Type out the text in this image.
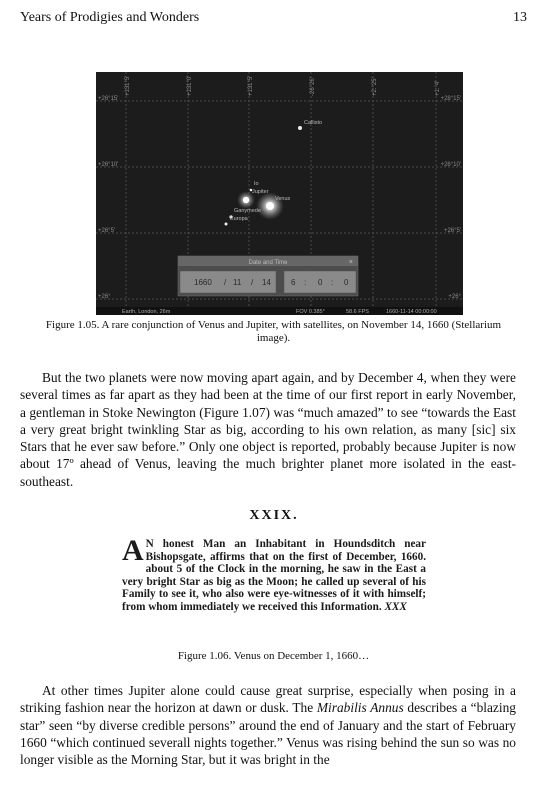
Years of Prodigies and Wonders	13
+131°5'	+131°0'	+131°5'	-26°26'	+2:°25'	+1:°4'
+26°15'
+26°10'
+26°5'
+26°
+28°15'
+26°10'
+26°5'
+26°
Callisto
Io
Jupiter
Venus
Ganymede
Europa
Date and Time	×
1660 / 11 / 14	6 : 0 : 0
Earth, London, 26m	FOV 0.385°	58.6 FPS	1660-11-14 00:00:00
Figure 1.05. A rare conjunction of Venus and Jupiter, with satellites, on November 14, 1660 (Stellarium image).

But the two planets were now moving apart again, and by December 4, when they were several times as far apart as they had been at the time of our first report in early November, a gentleman in Stoke Newington (Figure 1.07) was “much amazed” to see “towards the East a very great bright twinkling Star as big, according to his own relation, as many [sic] six Stars that he ever saw before.” Only one object is reported, probably because Jupiter is now about 17º ahead of Venus, leaving the much brighter planet more isolated in the east-southeast.

XXIX.
A N honest Man an Inhabitant in Houndsditch near Bishopsgate, affirms that on the first of December, 1660. about 5 of the Clock in the morning, he saw in the East a very bright Star as big as the Moon; he called up several of his Family to see it, who also were eye-witnesses of it with himself; from whom immediately we received this Information. XXX
Figure 1.06. Venus on December 1, 1660…

At other times Jupiter alone could cause great surprise, especially when posing in a striking fashion near the horizon at dawn or dusk. The Mirabilis Annus describes a “blazing star” seen “by diverse credible persons” around the end of January and the start of February 1660 “which continued severall nights together.” Venus was rising behind the sun so was no longer visible as the Morning Star, but it was bright in the
